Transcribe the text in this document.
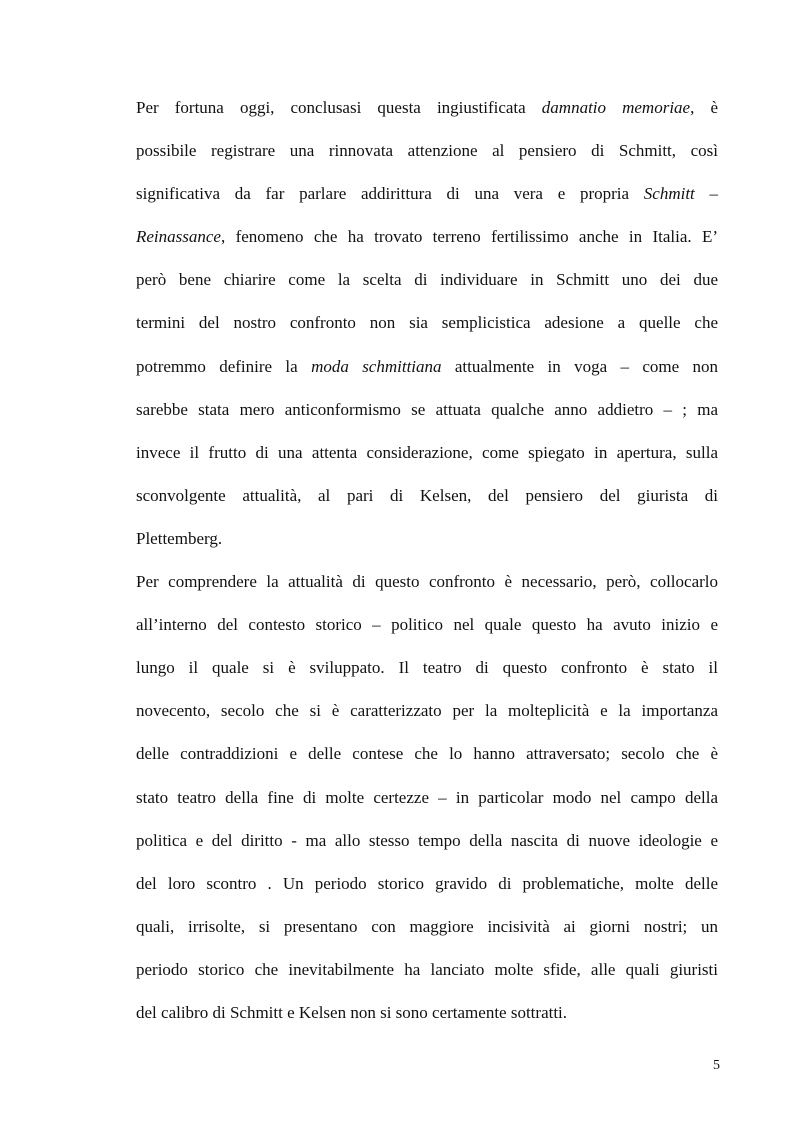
Per fortuna oggi, conclusasi questa ingiustificata damnatio memoriae, è
possibile registrare una rinnovata attenzione al pensiero di Schmitt, così
significativa da far parlare addirittura di una vera e propria Schmitt –
Reinassance, fenomeno che ha trovato terreno fertilissimo anche in Italia. E’
però bene chiarire come la scelta di individuare in Schmitt uno dei due
termini del nostro confronto non sia semplicistica adesione a quelle che
potremmo definire la moda schmittiana attualmente in voga – come non
sarebbe stata mero anticonformismo se attuata qualche anno addietro – ; ma
invece il frutto di una attenta considerazione, come spiegato in apertura, sulla
sconvolgente attualità, al pari di Kelsen, del pensiero del giurista di
Plettemberg.
Per comprendere la attualità di questo confronto è necessario, però, collocarlo
all’interno del contesto storico – politico nel quale questo ha avuto inizio e
lungo il quale si è sviluppato. Il teatro di questo confronto è stato il
novecento, secolo che si è caratterizzato per la molteplicità e la importanza
delle contraddizioni e delle contese che lo hanno attraversato; secolo che è
stato teatro della fine di molte certezze – in particolar modo nel campo della
politica e del diritto - ma allo stesso tempo della nascita di nuove ideologie e
del loro scontro . Un periodo storico gravido di problematiche, molte delle
quali, irrisolte, si presentano con maggiore incisività ai giorni nostri; un
periodo storico che inevitabilmente ha lanciato molte sfide, alle quali giuristi
del calibro di Schmitt e Kelsen non si sono certamente sottratti.
5
